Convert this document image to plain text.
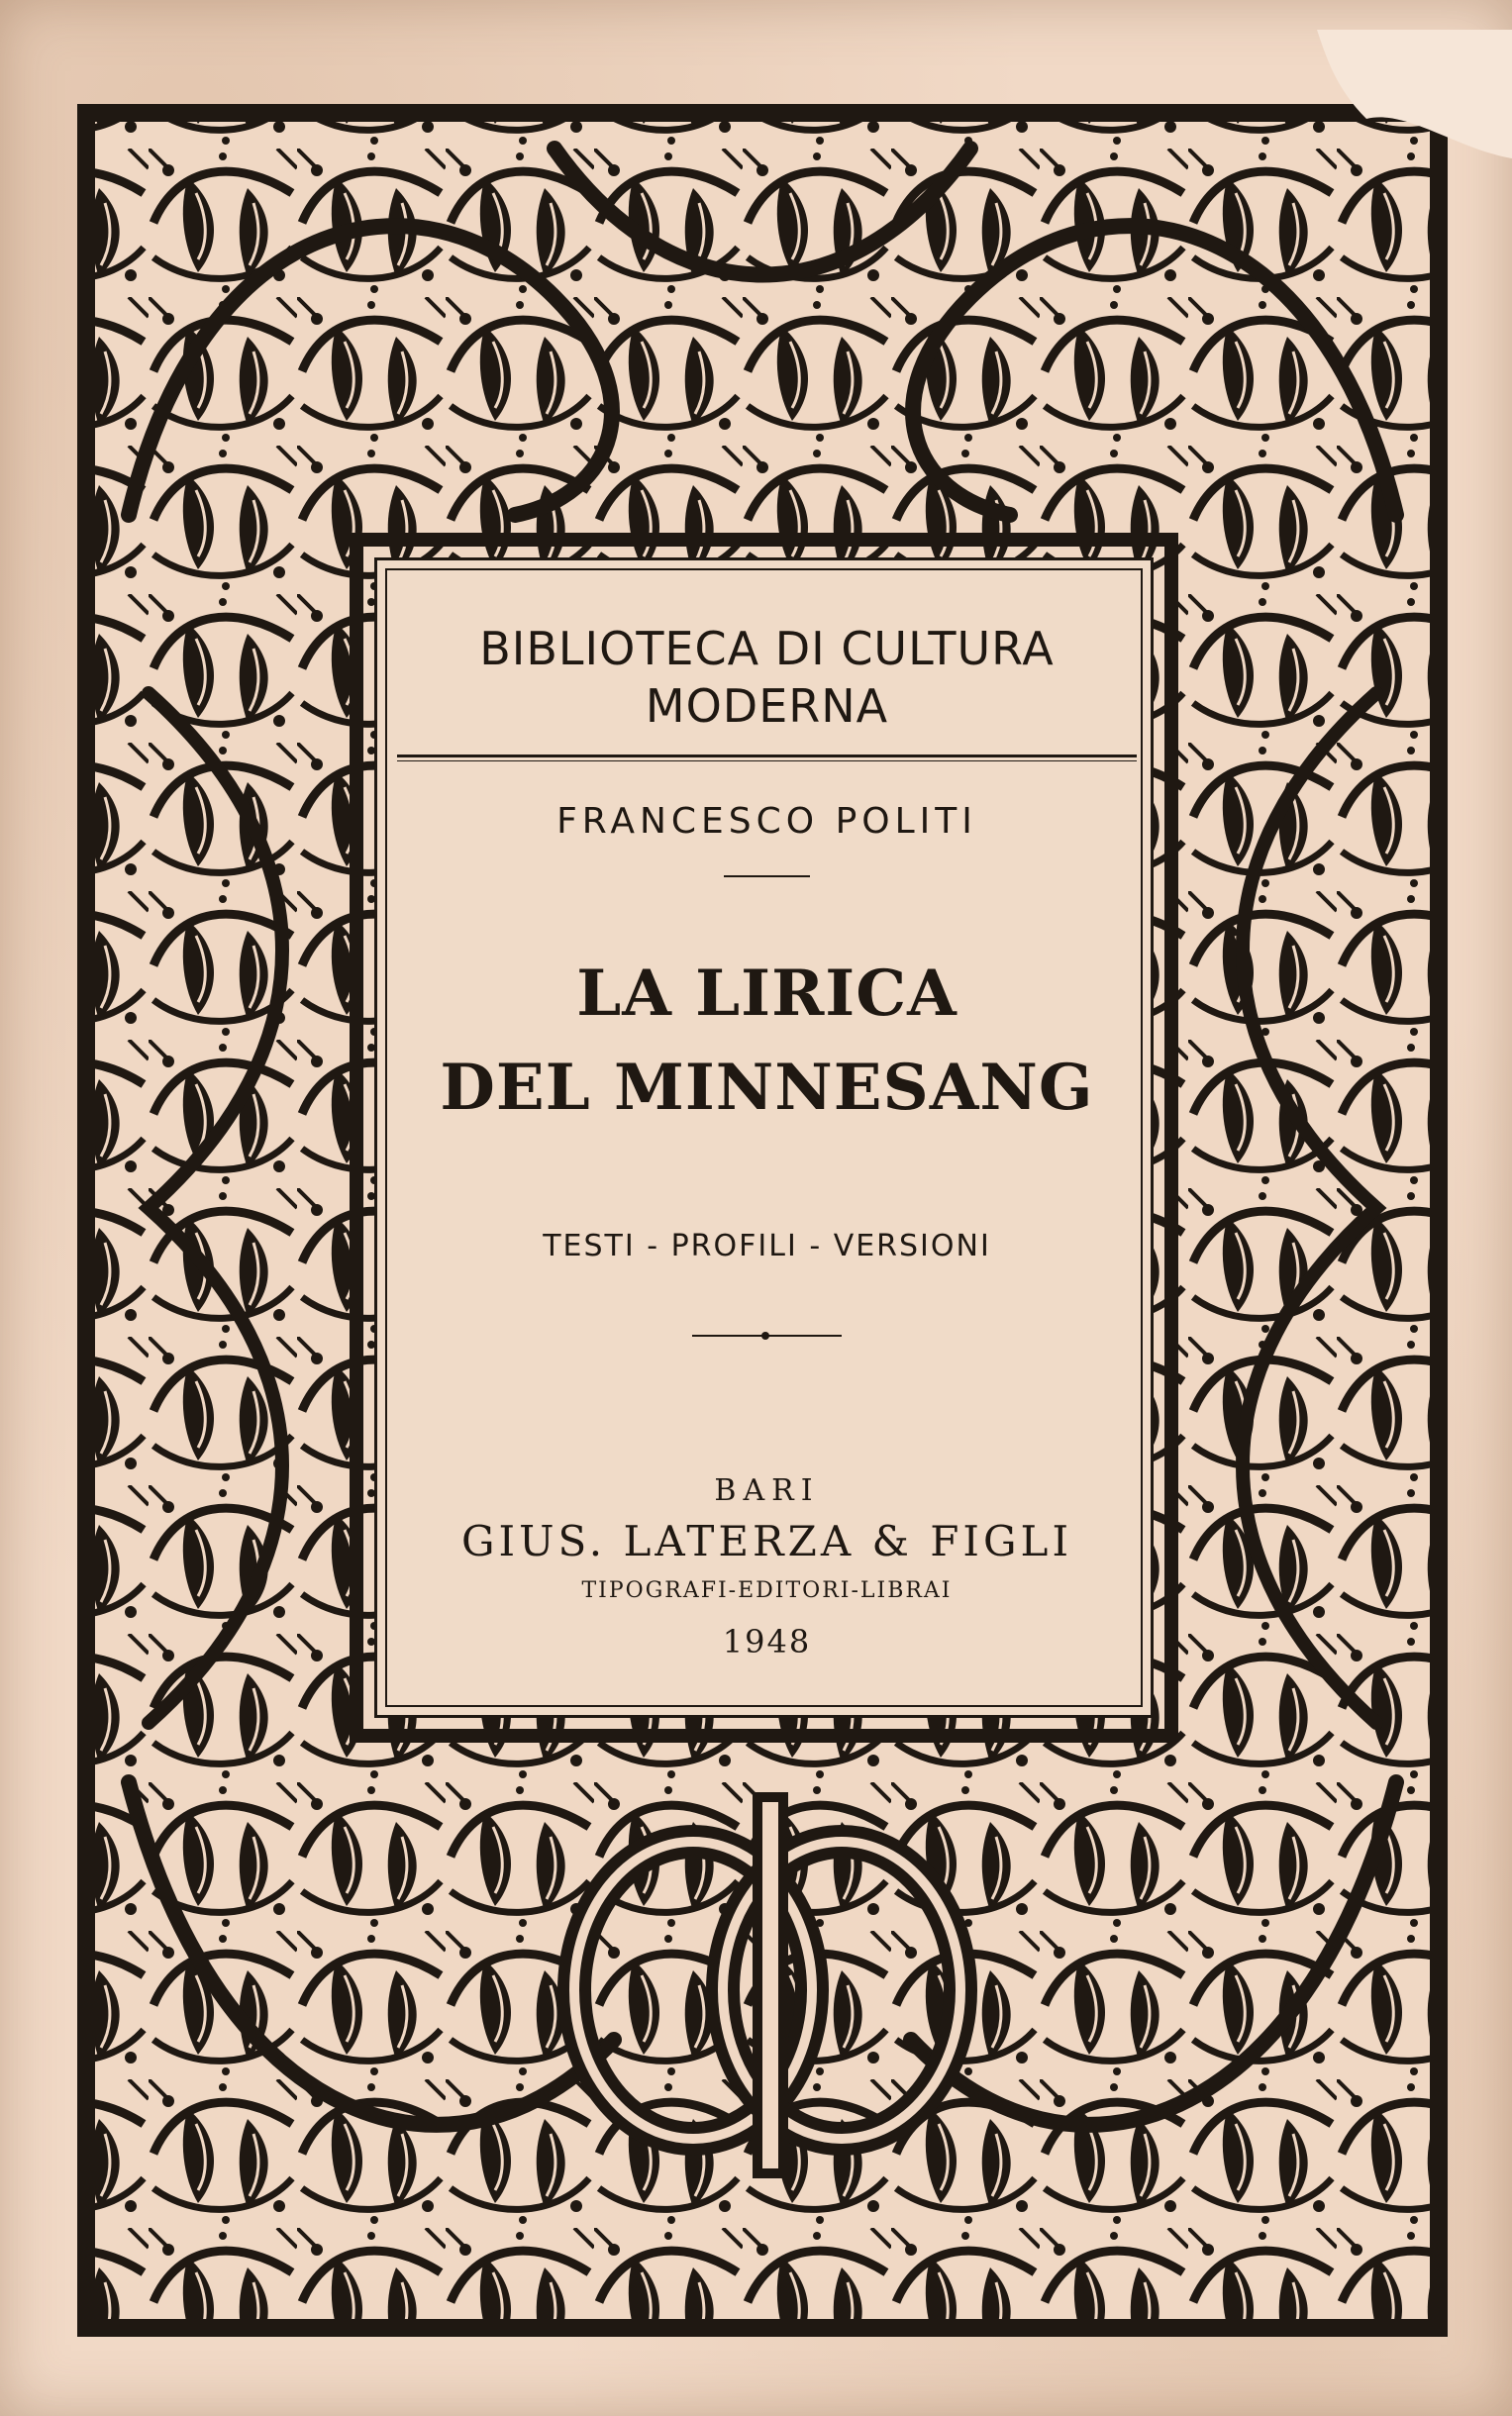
BIBLIOTECA DI CULTURA
MODERNA
FRANCESCO POLITI
LA LIRICA
DEL MINNESANG
TESTI - PROFILI - VERSIONI
BARI
GIUS. LATERZA & FIGLI
TIPOGRAFI-EDITORI-LIBRAI
1948
